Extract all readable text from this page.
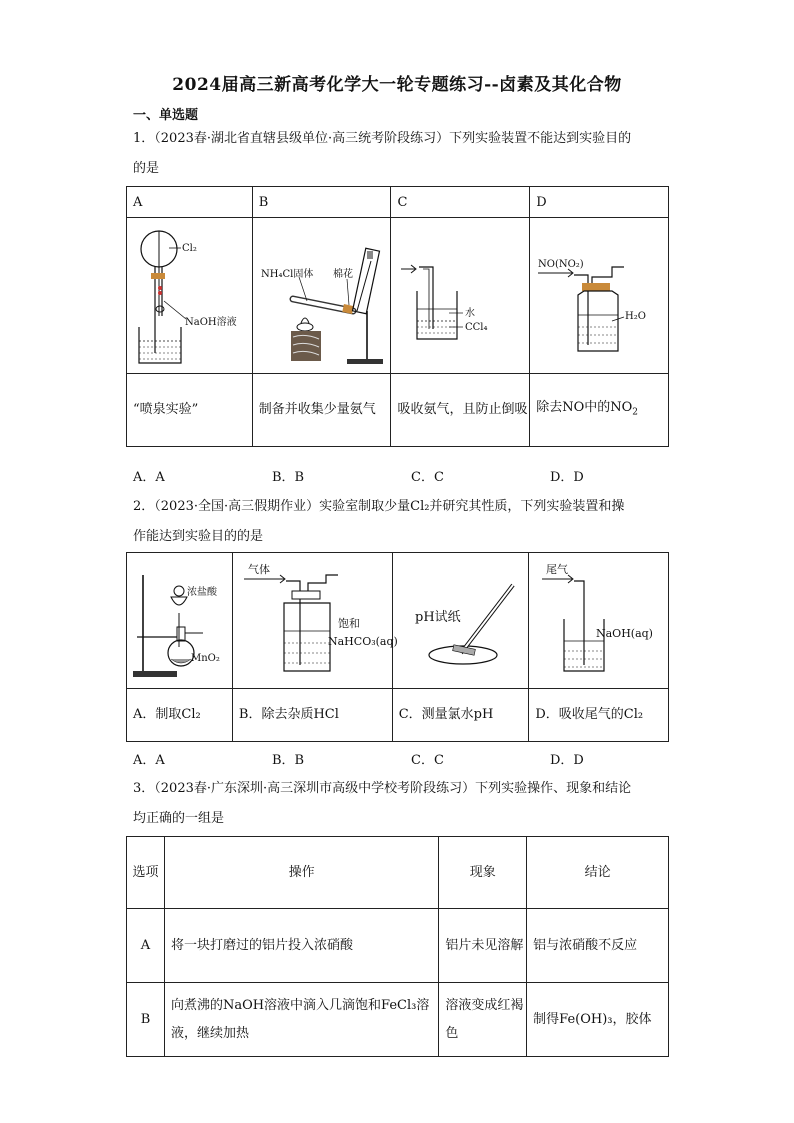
2024届高三新高考化学大一轮专题练习--卤素及其化合物
一、单选题
1．（2023春·湖北省直辖县级单位·高三统考阶段练习）下列实验装置不能达到实验目的
的是
A	B	C	D

Cl₂
NaOH溶液	NH₄Cl固体 棉花	水
CCl₄	NO(NO₂)
H₂O

“喷泉实验”	制备并收集少量氨气	吸收氨气，且防止倒吸	除去NO中的$NO_2$
A．A	B．B	C．C	D．D
2．（2023·全国·高三假期作业）实验室制取少量Cl₂并研究其性质，下列实验装置和操
作能达到实验目的的是
浓盐酸
MnO₂	气体
饱和
NaHCO₃(aq)	pH试纸	尾气
NaOH(aq)

A．制取Cl₂	B．除去杂质HCl	C．测量氯水pH	D．吸收尾气的Cl₂
A．A	B．B	C．C	D．D
3．（2023春·广东深圳·高三深圳市高级中学校考阶段练习）下列实验操作、现象和结论
均正确的一组是
选项	操作	现象	结论
A	将一块打磨过的铝片投入浓硝酸	铝片未见溶解	铝与浓硝酸不反应
B	向煮沸的NaOH溶液中滴入几滴饱和FeCl₃溶液，继续加热	溶液变成红褐色	制得Fe(OH)₃，胶体
